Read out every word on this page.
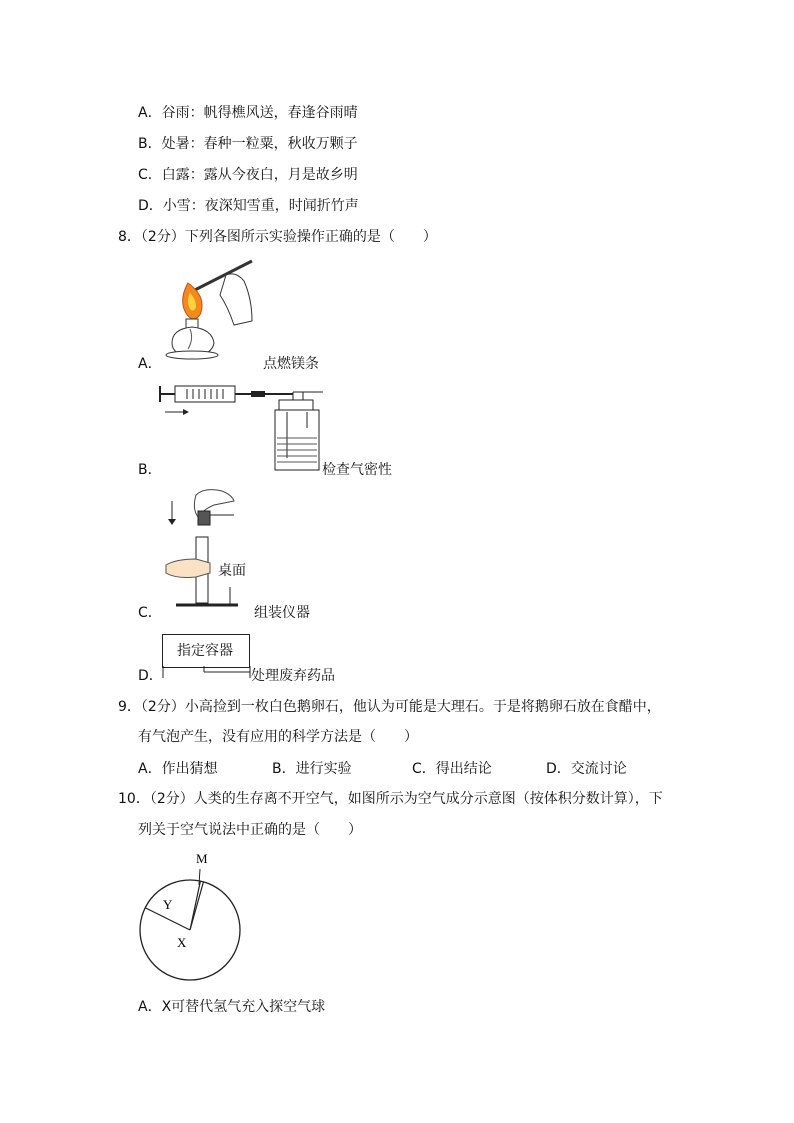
A．谷雨：帆得樵风送，春逢谷雨晴
B．处暑：春种一粒粟，秋收万颗子
C．白露：露从今夜白，月是故乡明
D．小雪：夜深知雪重，时闻折竹声
8．（2分）下列各图所示实验操作正确的是（　　）
A．	点燃镁条
B．	检查气密性
桌面
C．	组装仪器
指定容器
D．	处理废弃药品
9．（2分）小高捡到一枚白色鹅卵石，他认为可能是大理石。于是将鹅卵石放在食醋中，
有气泡产生，没有应用的科学方法是（　　）
A．作出猜想	B．进行实验	C．得出结论	D．交流讨论
10．（2分）人类的生存离不开空气，如图所示为空气成分示意图（按体积分数计算），下
列关于空气说法中正确的是（　　）
M
Y
X
A．X可替代氢气充入探空气球
